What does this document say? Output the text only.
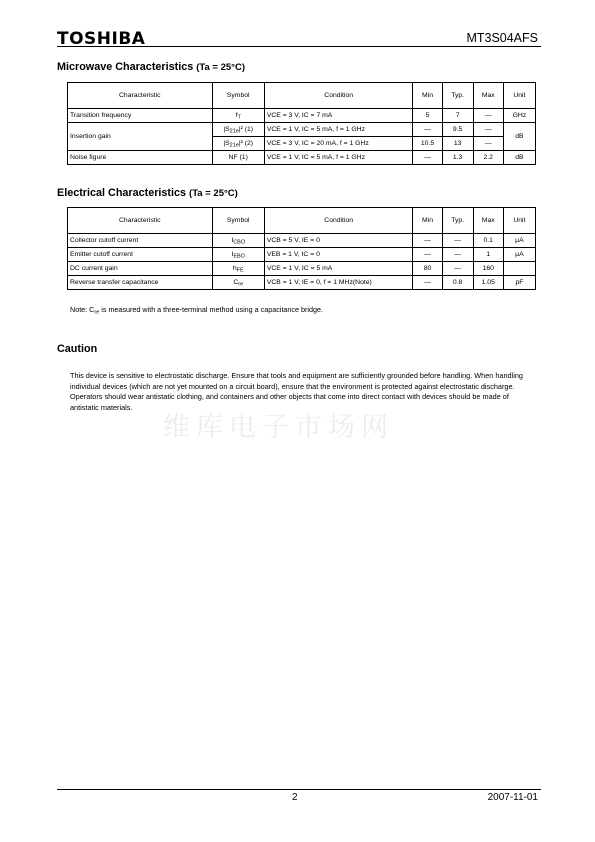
TOSHIBA	MT3S04AFS
Microwave Characteristics (Ta = 25°C)
Characteristic	Symbol	Condition	Min	Typ.	Max	Unit
Transition frequency	$f_T$	VCE = 3 V, IC = 7 mA	5	7	—	GHz
Insertion gain	$|S_{21e}|^2$ (1)	VCE = 1 V, IC = 5 mA, f = 1 GHz	—	9.5	—	dB
	$|S_{21e}|^2$ (2)	VCE = 3 V, IC = 20 mA, f = 1 GHz	10.5	13	—	
Noise figure	NF (1)	VCE = 1 V, IC = 5 mA, f = 1 GHz	—	1.3	2.2	dB
Electrical Characteristics (Ta = 25°C)
Characteristic	Symbol	Condition	Min	Typ.	Max	Unit
Collector cutoff current	$I_{CBO}$	VCB = 5 V, IE = 0	—	—	0.1	μA
Emitter cutoff current	$I_{EBO}$	VEB = 1 V, IC = 0	—	—	1	μA
DC current gain	$h_{FE}$	VCE = 1 V, IC = 5 mA	80	—	160	
Reverse transfer capacitance	$C_{re}$	VCB = 1 V, IE = 0, f = 1 MHz(Note)	—	0.8	1.05	pF
Note: $C_{re}$ is measured with a three-terminal method using a capacitance bridge.
Caution
This device is sensitive to electrostatic discharge. Ensure that tools and equipment are sufficiently grounded before handling. When handling individual devices (which are not yet mounted on a circuit board), ensure that the environment is protected against electrostatic discharge. Operators should wear antistatic clothing, and containers and other objects that come into direct contact with devices should be made of antistatic materials.
维库电子市场网
2	2007-11-01
